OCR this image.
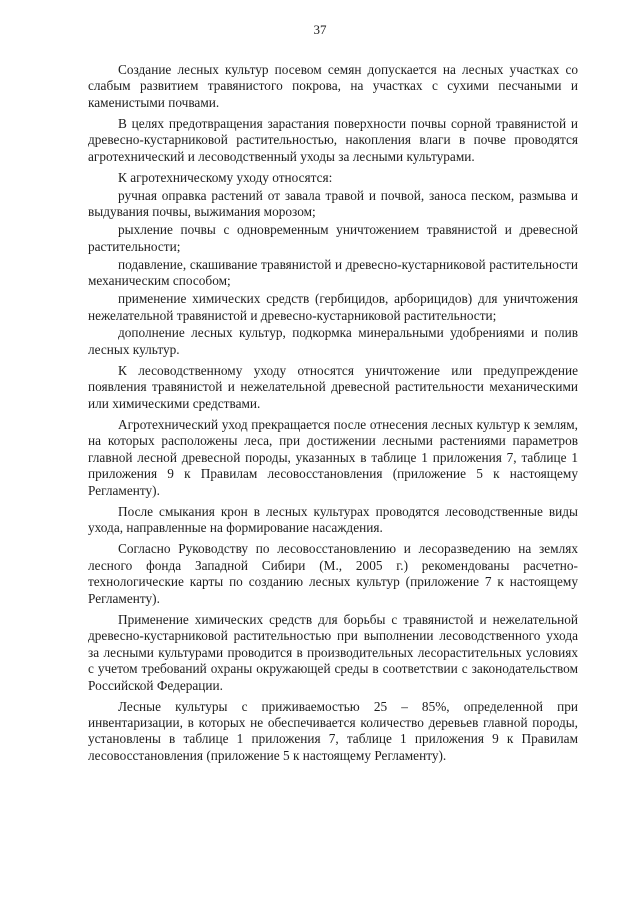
37

Создание лесных культур посевом семян допускается на лесных участках со слабым развитием травянистого покрова, на участках с сухими песчаными и каменистыми почвами.

В целях предотвращения зарастания поверхности почвы сорной травянистой и древесно-кустарниковой растительностью, накопления влаги в почве проводятся агротехнический и лесоводственный уходы за лесными культурами.

К агротехническому уходу относятся:

ручная оправка растений от завала травой и почвой, заноса песком, размыва и выдувания почвы, выжимания морозом;

рыхление почвы с одновременным уничтожением травянистой и древесной растительности;

подавление, скашивание травянистой и древесно-кустарниковой растительности механическим способом;

применение химических средств (гербицидов, арборицидов) для уничтожения нежелательной травянистой и древесно-кустарниковой растительности;

дополнение лесных культур, подкормка минеральными удобрениями и полив лесных культур.

К лесоводственному уходу относятся уничтожение или предупреждение появления травянистой и нежелательной древесной растительности механическими или химическими средствами.

Агротехнический уход прекращается после отнесения лесных культур к землям, на которых расположены леса, при достижении лесными растениями параметров главной лесной древесной породы, указанных в таблице 1 приложения 7, таблице 1 приложения 9 к Правилам лесовосстановления (приложение 5 к настоящему Регламенту).

После смыкания крон в лесных культурах проводятся лесоводственные виды ухода, направленные на формирование насаждения.

Согласно Руководству по лесовосстановлению и лесоразведению на землях лесного фонда Западной Сибири (М., 2005 г.) рекомендованы расчетно-технологические карты по созданию лесных культур (приложение 7 к настоящему Регламенту).

Применение химических средств для борьбы с травянистой и нежелательной древесно-кустарниковой растительностью при выполнении лесоводственного ухода за лесными культурами проводится в производительных лесорастительных условиях с учетом требований охраны окружающей среды в соответствии с законодательством Российской Федерации.

Лесные культуры с приживаемостью 25 – 85%, определенной при инвентаризации, в которых не обеспечивается количество деревьев главной породы, установлены в таблице 1 приложения 7, таблице 1 приложения 9 к Правилам лесовосстановления (приложение 5 к настоящему Регламенту).
